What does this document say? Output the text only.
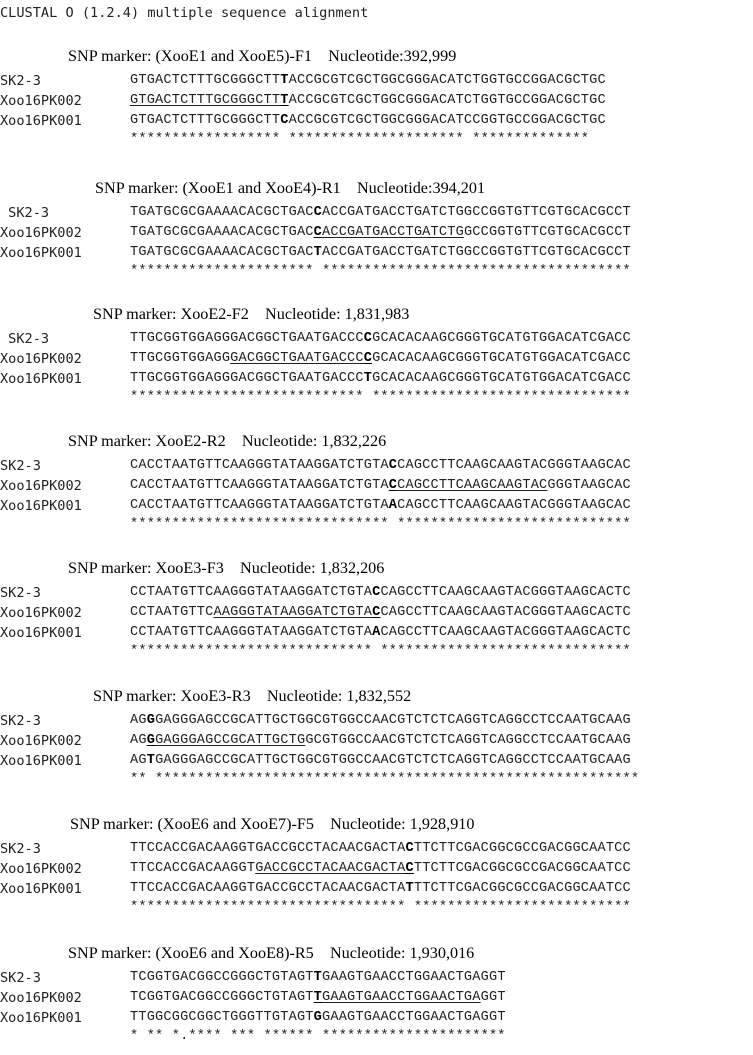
CLUSTAL O (1.2.4) multiple sequence alignment
SNP marker: (XooE1 and XooE5)-F1    Nucleotide:392,999
SK2-3	GTGACTCTTTGCGGGCTTTACCGCGTCGCTGGCGGGACATCTGGTGCCGGACGCTGC
Xoo16PK002	GTGACTCTTTGCGGGCTTTACCGCGTCGCTGGCGGGACATCTGGTGCCGGACGCTGC
Xoo16PK001	GTGACTCTTTGCGGGCTTCACCGCGTCGCTGGCGGGACATCCGGTGCCGGACGCTGC
****************** ********************* **************
SNP marker: (XooE1 and XooE4)-R1    Nucleotide:394,201
SK2-3	TGATGCGCGAAAACACGCTGACCACCGATGACCTGATCTGGCCGGTGTTCGTGCACGCCT
Xoo16PK002	TGATGCGCGAAAACACGCTGACCACCGATGACCTGATCTGGCCGGTGTTCGTGCACGCCT
Xoo16PK001	TGATGCGCGAAAACACGCTGACTACCGATGACCTGATCTGGCCGGTGTTCGTGCACGCCT
********************** *************************************
SNP marker: XooE2-F2    Nucleotide: 1,831,983
SK2-3	TTGCGGTGGAGGGACGGCTGAATGACCCCGCACACAAGCGGGTGCATGTGGACATCGACC
Xoo16PK002	TTGCGGTGGAGGGACGGCTGAATGACCCCGCACACAAGCGGGTGCATGTGGACATCGACC
Xoo16PK001	TTGCGGTGGAGGGACGGCTGAATGACCCTGCACACAAGCGGGTGCATGTGGACATCGACC
**************************** *******************************
SNP marker: XooE2-R2    Nucleotide: 1,832,226
SK2-3	CACCTAATGTTCAAGGGTATAAGGATCTGTACCAGCCTTCAAGCAAGTACGGGTAAGCAC
Xoo16PK002	CACCTAATGTTCAAGGGTATAAGGATCTGTACCAGCCTTCAAGCAAGTACGGGTAAGCAC
Xoo16PK001	CACCTAATGTTCAAGGGTATAAGGATCTGTAACAGCCTTCAAGCAAGTACGGGTAAGCAC
******************************* ****************************
SNP marker: XooE3-F3    Nucleotide: 1,832,206
SK2-3	CCTAATGTTCAAGGGTATAAGGATCTGTACCAGCCTTCAAGCAAGTACGGGTAAGCACTC
Xoo16PK002	CCTAATGTTCAAGGGTATAAGGATCTGTACCAGCCTTCAAGCAAGTACGGGTAAGCACTC
Xoo16PK001	CCTAATGTTCAAGGGTATAAGGATCTGTAACAGCCTTCAAGCAAGTACGGGTAAGCACTC
***************************** ******************************
SNP marker: XooE3-R3    Nucleotide: 1,832,552
SK2-3	AGGGAGGGAGCCGCATTGCTGGCGTGGCCAACGTCTCTCAGGTCAGGCCTCCAATGCAAG
Xoo16PK002	AGGGAGGGAGCCGCATTGCTGGCGTGGCCAACGTCTCTCAGGTCAGGCCTCCAATGCAAG
Xoo16PK001	AGTGAGGGAGCCGCATTGCTGGCGTGGCCAACGTCTCTCAGGTCAGGCCTCCAATGCAAG
** **********************************************************
SNP marker: (XooE6 and XooE7)-F5    Nucleotide: 1,928,910
SK2-3	TTCCACCGACAAGGTGACCGCCTACAACGACTACTTCTTCGACGGCGCCGACGGCAATCC
Xoo16PK002	TTCCACCGACAAGGTGACCGCCTACAACGACTACTTCTTCGACGGCGCCGACGGCAATCC
Xoo16PK001	TTCCACCGACAAGGTGACCGCCTACAACGACTATTTCTTCGACGGCGCCGACGGCAATCC
********************************* **************************
SNP marker: (XooE6 and XooE8)-R5    Nucleotide: 1,930,016
SK2-3	TCGGTGACGGCCGGGCTGTAGTTGAAGTGAACCTGGAACTGAGGT
Xoo16PK002	TCGGTGACGGCCGGGCTGTAGTTGAAGTGAACCTGGAACTGAGGT
Xoo16PK001	TTGGCGGCGGCTGGGTTGTAGTGGAAGTGAACCTGGAACTGAGGT
* ** *.**** *** ****** **********************
